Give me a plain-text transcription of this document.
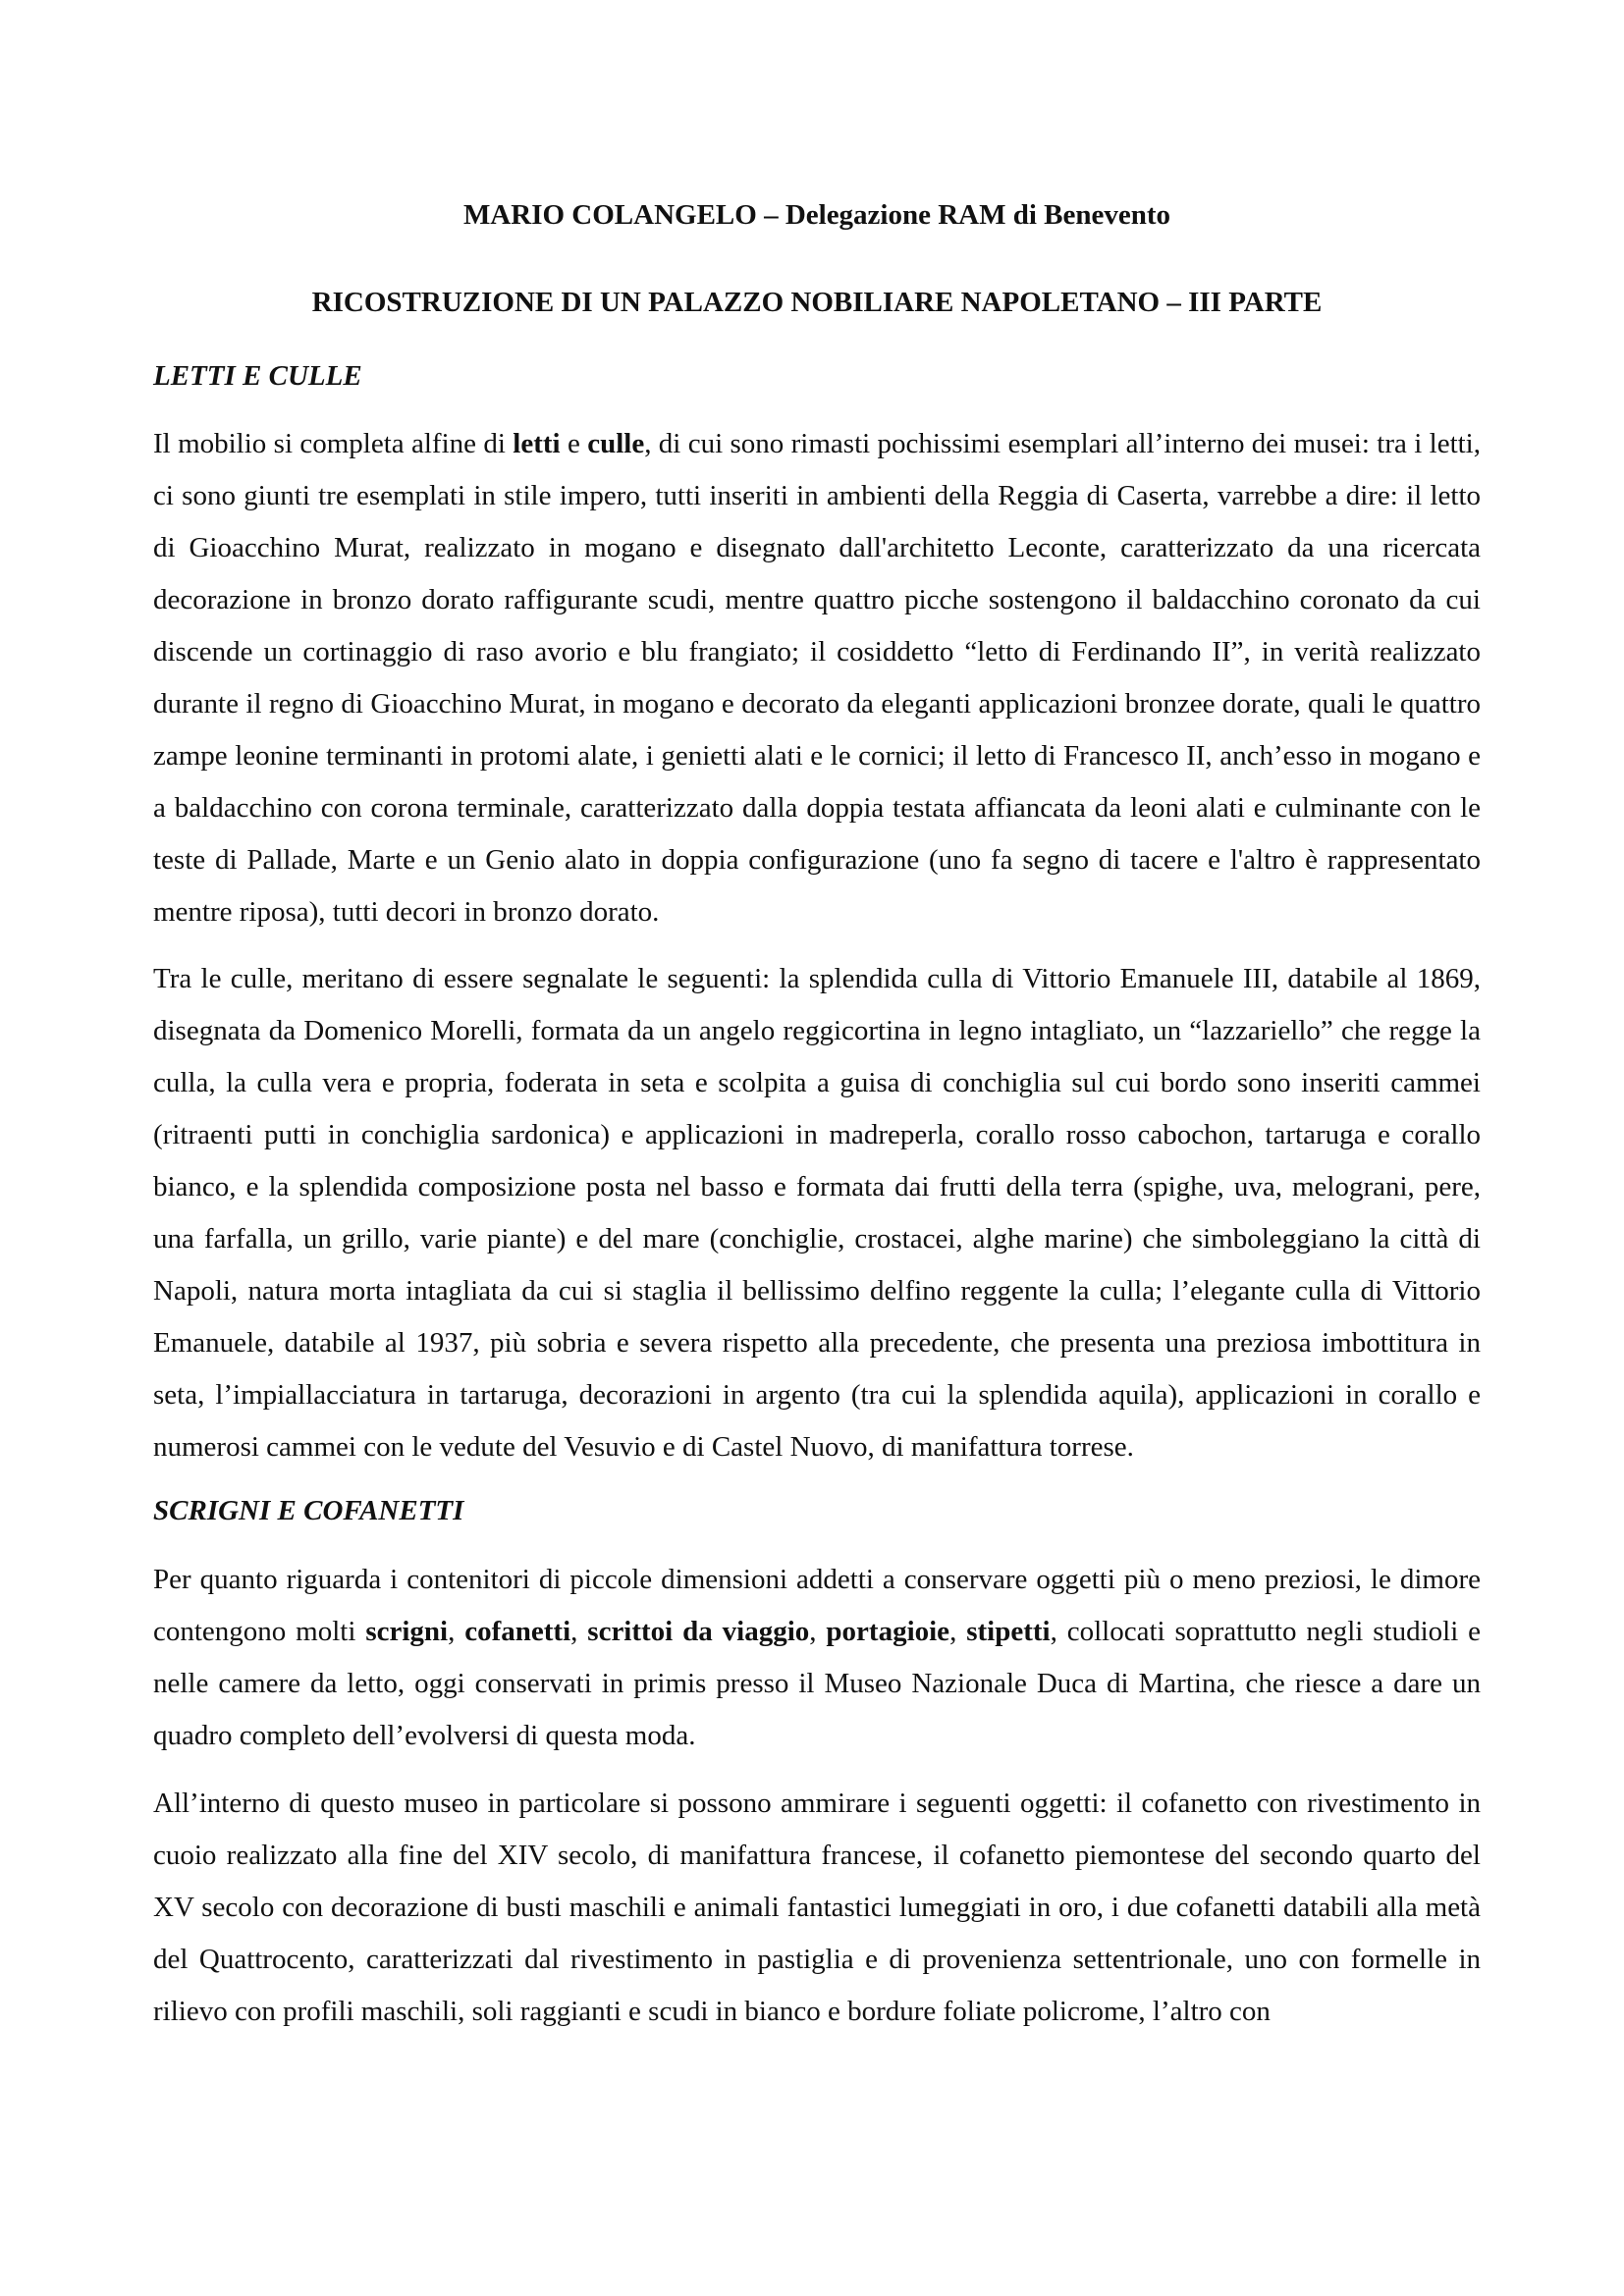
MARIO COLANGELO – Delegazione RAM di Benevento
RICOSTRUZIONE DI UN PALAZZO NOBILIARE NAPOLETANO – III PARTE
LETTI E CULLE

Il mobilio si completa alfine di letti e culle, di cui sono rimasti pochissimi esemplari all’interno dei musei: tra i letti, ci sono giunti tre esemplati in stile impero, tutti inseriti in ambienti della Reggia di Caserta, varrebbe a dire: il letto di Gioacchino Murat, realizzato in mogano e disegnato dall'architetto Leconte, caratterizzato da una ricercata decorazione in bronzo dorato raffigurante scudi, mentre quattro picche sostengono il baldacchino coronato da cui discende un cortinaggio di raso avorio e blu frangiato; il cosiddetto “letto di Ferdinando II”, in verità realizzato durante il regno di Gioacchino Murat, in mogano e decorato da eleganti applicazioni bronzee dorate, quali le quattro zampe leonine terminanti in protomi alate, i genietti alati e le cornici; il letto di Francesco II, anch’esso in mogano e a baldacchino con corona terminale, caratterizzato dalla doppia testata affiancata da leoni alati e culminante con le teste di Pallade, Marte e un Genio alato in doppia configurazione (uno fa segno di tacere e l'altro è rappresentato mentre riposa), tutti decori in bronzo dorato.

Tra le culle, meritano di essere segnalate le seguenti: la splendida culla di Vittorio Emanuele III, databile al 1869, disegnata da Domenico Morelli, formata da un angelo reggicortina in legno intagliato, un “lazzariello” che regge la culla, la culla vera e propria, foderata in seta e scolpita a guisa di conchiglia sul cui bordo sono inseriti cammei (ritraenti putti in conchiglia sardonica) e applicazioni in madreperla, corallo rosso cabochon, tartaruga e corallo bianco, e la splendida composizione posta nel basso e formata dai frutti della terra (spighe, uva, melograni, pere, una farfalla, un grillo, varie piante) e del mare (conchiglie, crostacei, alghe marine) che simboleggiano la città di Napoli, natura morta intagliata da cui si staglia il bellissimo delfino reggente la culla; l’elegante culla di Vittorio Emanuele, databile al 1937, più sobria e severa rispetto alla precedente, che presenta una preziosa imbottitura in seta, l’impiallacciatura in tartaruga, decorazioni in argento (tra cui la splendida aquila), applicazioni in corallo e numerosi cammei con le vedute del Vesuvio e di Castel Nuovo, di manifattura torrese.

SCRIGNI E COFANETTI

Per quanto riguarda i contenitori di piccole dimensioni addetti a conservare oggetti più o meno preziosi, le dimore contengono molti scrigni, cofanetti, scrittoi da viaggio, portagioie, stipetti, collocati soprattutto negli studioli e nelle camere da letto, oggi conservati in primis presso il Museo Nazionale Duca di Martina, che riesce a dare un quadro completo dell’evolversi di questa moda.

All’interno di questo museo in particolare si possono ammirare i seguenti oggetti: il cofanetto con rivestimento in cuoio realizzato alla fine del XIV secolo, di manifattura francese, il cofanetto piemontese del secondo quarto del XV secolo con decorazione di busti maschili e animali fantastici lumeggiati in oro, i due cofanetti databili alla metà del Quattrocento, caratterizzati dal rivestimento in pastiglia e di provenienza settentrionale, uno con formelle in rilievo con profili maschili, soli raggianti e scudi in bianco e bordure foliate policrome, l’altro con
